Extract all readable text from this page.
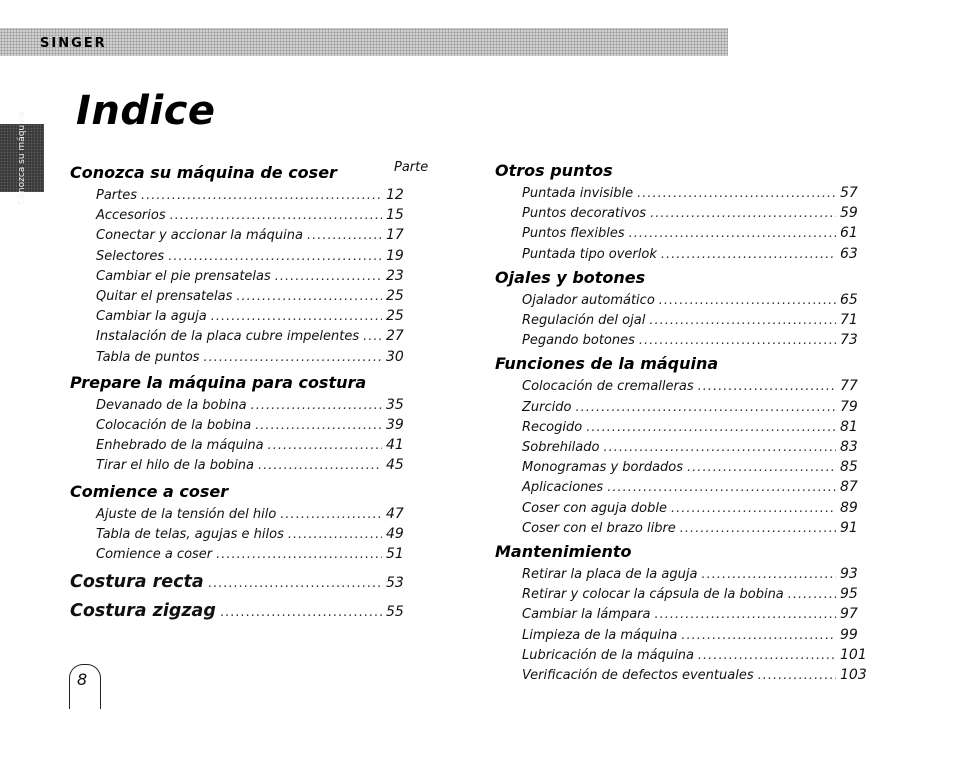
SINGER
Conozca su máquina
Indice
Parte
8
Conozca su máquina de coser
Partes .....	12
Accesorios .....	15
Conectar y accionar la máquina .....	17
Selectores .....	19
Cambiar el pie prensatelas .....	23
Quitar el prensatelas .....	25
Cambiar la aguja .....	25
Instalación de la placa cubre impelentes ..... 27
Tabla de puntos .....	30
Prepare la máquina para costura
Devanado de la bobina .....	35
Colocación de la bobina .....	39
Enhebrado de la máquina .....	41
Tirar el hilo de la bobina .....	45
Comience a coser
Ajuste de la tensión del hilo .....	47
Tabla de telas, agujas e hilos .....	49
Comience a coser .....	51
Costura recta .....	53
Costura zigzag .....	55
Otros puntos
Puntada invisible .....	57
Puntos decorativos .....	59
Puntos flexibles .....	61
Puntada tipo overlok .....	63
Ojales y botones
Ojalador automático .....	65
Regulación del ojal .....	71
Pegando botones .....	73
Funciones de la máquina
Colocación de cremalleras .....	77
Zurcido .....	79
Recogido .....	81
Sobrehilado .....	83
Monogramas y bordados .....	85
Aplicaciones .....	87
Coser con aguja doble .....	89
Coser con el brazo libre .....	91
Mantenimiento
Retirar la placa de la aguja .....	93
Retirar y colocar la cápsula de la bobina .....	95
Cambiar la lámpara .....	97
Limpieza de la máquina .....	99
Lubricación de la máquina .....	101
Verificación de defectos eventuales .....	103
